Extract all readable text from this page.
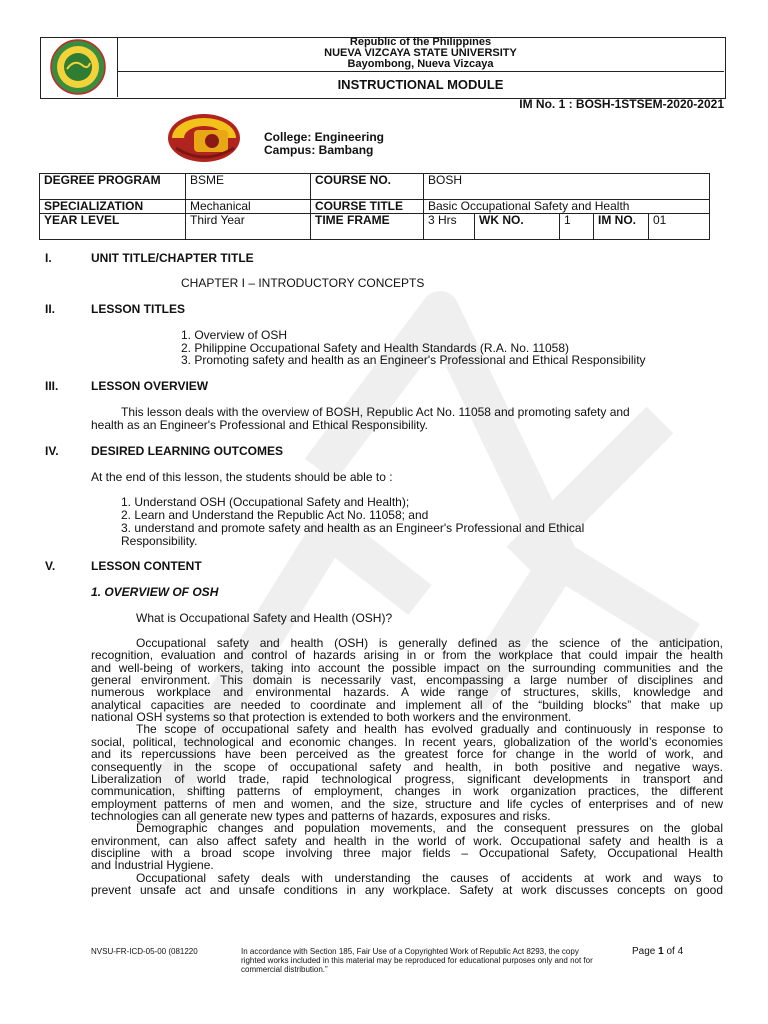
Republic of the Philippines
NUEVA VIZCAYA STATE UNIVERSITY
Bayombong, Nueva Vizcaya
INSTRUCTIONAL MODULE
IM No. 1 : BOSH-1STSEM-2020-2021
College: Engineering
Campus: Bambang
DEGREE PROGRAM	BSME	COURSE NO.	BOSH				
SPECIALIZATION	Mechanical	COURSE TITLE	Basic Occupational Safety and Health				
YEAR LEVEL	Third Year	TIME FRAME	3 Hrs	WK NO.	1	IM NO.	01
I.	UNIT TITLE/CHAPTER TITLE
CHAPTER I – INTRODUCTORY CONCEPTS
II.	LESSON TITLES
1. Overview of OSH
2. Philippine Occupational Safety and Health Standards (R.A. No. 11058)
3. Promoting safety and health as an Engineer's Professional and Ethical Responsibility
III.	LESSON OVERVIEW
This lesson deals with the overview of BOSH, Republic Act No. 11058 and promoting safety and
health as an Engineer's Professional and Ethical Responsibility.
IV.	DESIRED LEARNING OUTCOMES
At the end of this lesson, the students should be able to :
1. Understand OSH (Occupational Safety and Health);
2. Learn and Understand the Republic Act No. 11058; and
3. understand and promote safety and health as an Engineer's Professional and Ethical
Responsibility.
V.	LESSON CONTENT
1. OVERVIEW OF OSH
What is Occupational Safety and Health (OSH)?
Occupational safety and health (OSH) is generally defined as the science of the anticipation,
recognition, evaluation and control of hazards arising in or from the workplace that could impair the health
and well-being of workers, taking into account the possible impact on the surrounding communities and the
general environment. This domain is necessarily vast, encompassing a large number of disciplines and
numerous workplace and environmental hazards. A wide range of structures, skills, knowledge and
analytical capacities are needed to coordinate and implement all of the “building blocks” that make up
national OSH systems so that protection is extended to both workers and the environment.
The scope of occupational safety and health has evolved gradually and continuously in response to
social, political, technological and economic changes. In recent years, globalization of the world’s economies
and its repercussions have been perceived as the greatest force for change in the world of work, and
consequently in the scope of occupational safety and health, in both positive and negative ways.
Liberalization of world trade, rapid technological progress, significant developments in transport and
communication, shifting patterns of employment, changes in work organization practices, the different
employment patterns of men and women, and the size, structure and life cycles of enterprises and of new
technologies can all generate new types and patterns of hazards, exposures and risks.
Demographic changes and population movements, and the consequent pressures on the global
environment, can also affect safety and health in the world of work. Occupational safety and health is a
discipline with a broad scope involving three major fields – Occupational Safety, Occupational Health
and Industrial Hygiene.
Occupational safety deals with understanding the causes of accidents at work and ways to
prevent unsafe act and unsafe conditions in any workplace. Safety at work discusses concepts on good
NVSU-FR-ICD-05-00 (081220	In accordance with Section 185, Fair Use of a Copyrighted Work of Republic Act 8293, the copy righted works included in this material may be reproduced for educational purposes only and not for commercial distribution.”
Page 1 of 4
